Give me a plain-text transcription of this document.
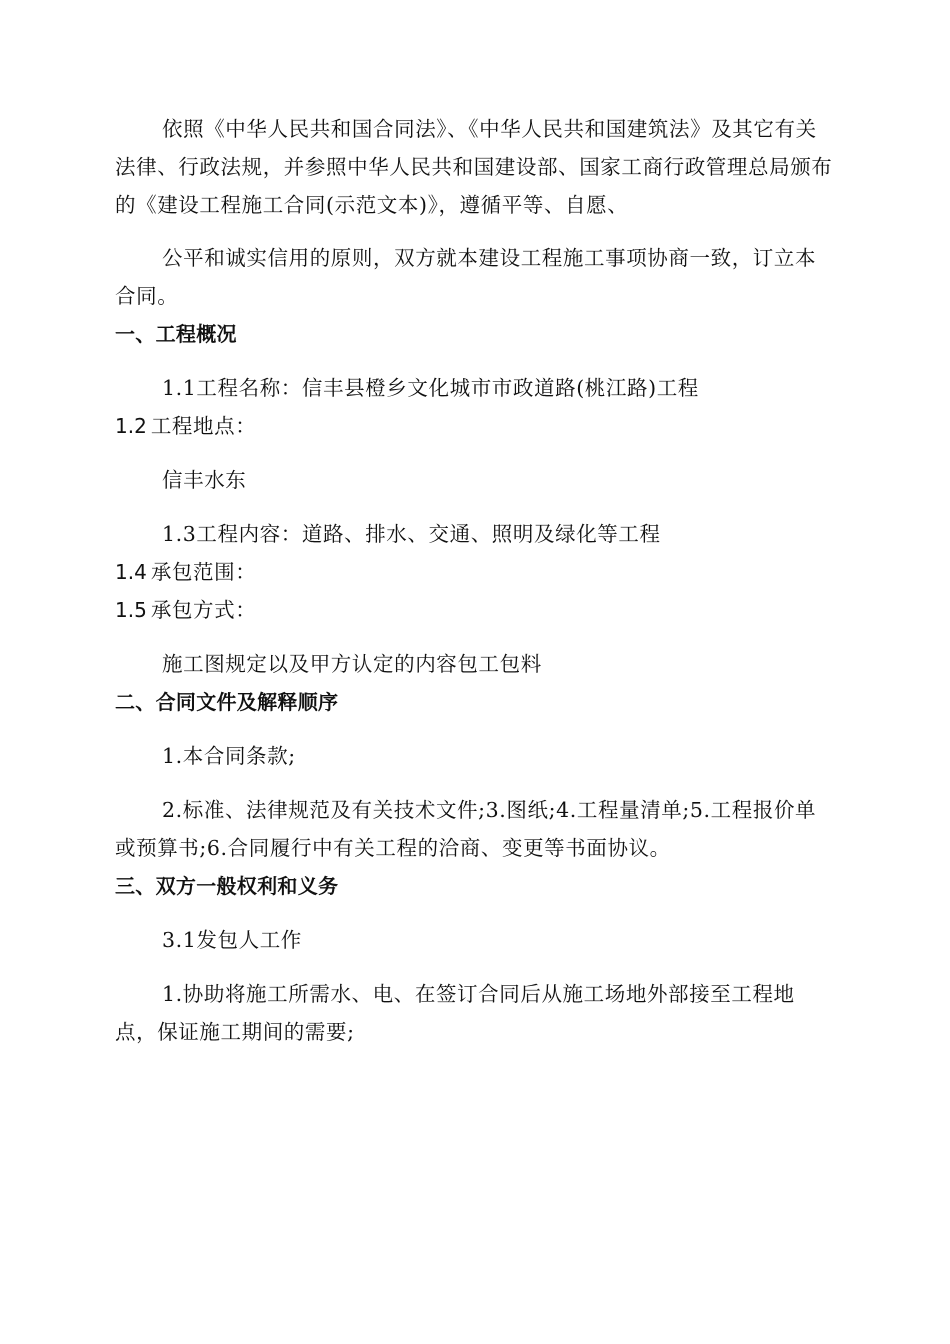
依照《中华人民共和国合同法》、《中华人民共和国建筑法》及其它有关法律、行政法规，并参照中华人民共和国建设部、国家工商行政管理总局颁布的《建设工程施工合同(示范文本)》，遵循平等、自愿、

公平和诚实信用的原则，双方就本建设工程施工事项协商一致，订立本合同。

一、工程概况

1.1工程名称：信丰县橙乡文化城市市政道路(桃江路)工程

1.2 工程地点：

信丰水东

1.3工程内容：道路、排水、交通、照明及绿化等工程

1.4 承包范围：

1.5 承包方式：

施工图规定以及甲方认定的内容包工包料

二、合同文件及解释顺序

1.本合同条款;

2.标准、法律规范及有关技术文件;3.图纸;4.工程量清单;5.工程报价单或预算书;6.合同履行中有关工程的洽商、变更等书面协议。

三、双方一般权利和义务

3.1发包人工作

1.协助将施工所需水、电、在签订合同后从施工场地外部接至工程地点，保证施工期间的需要;
